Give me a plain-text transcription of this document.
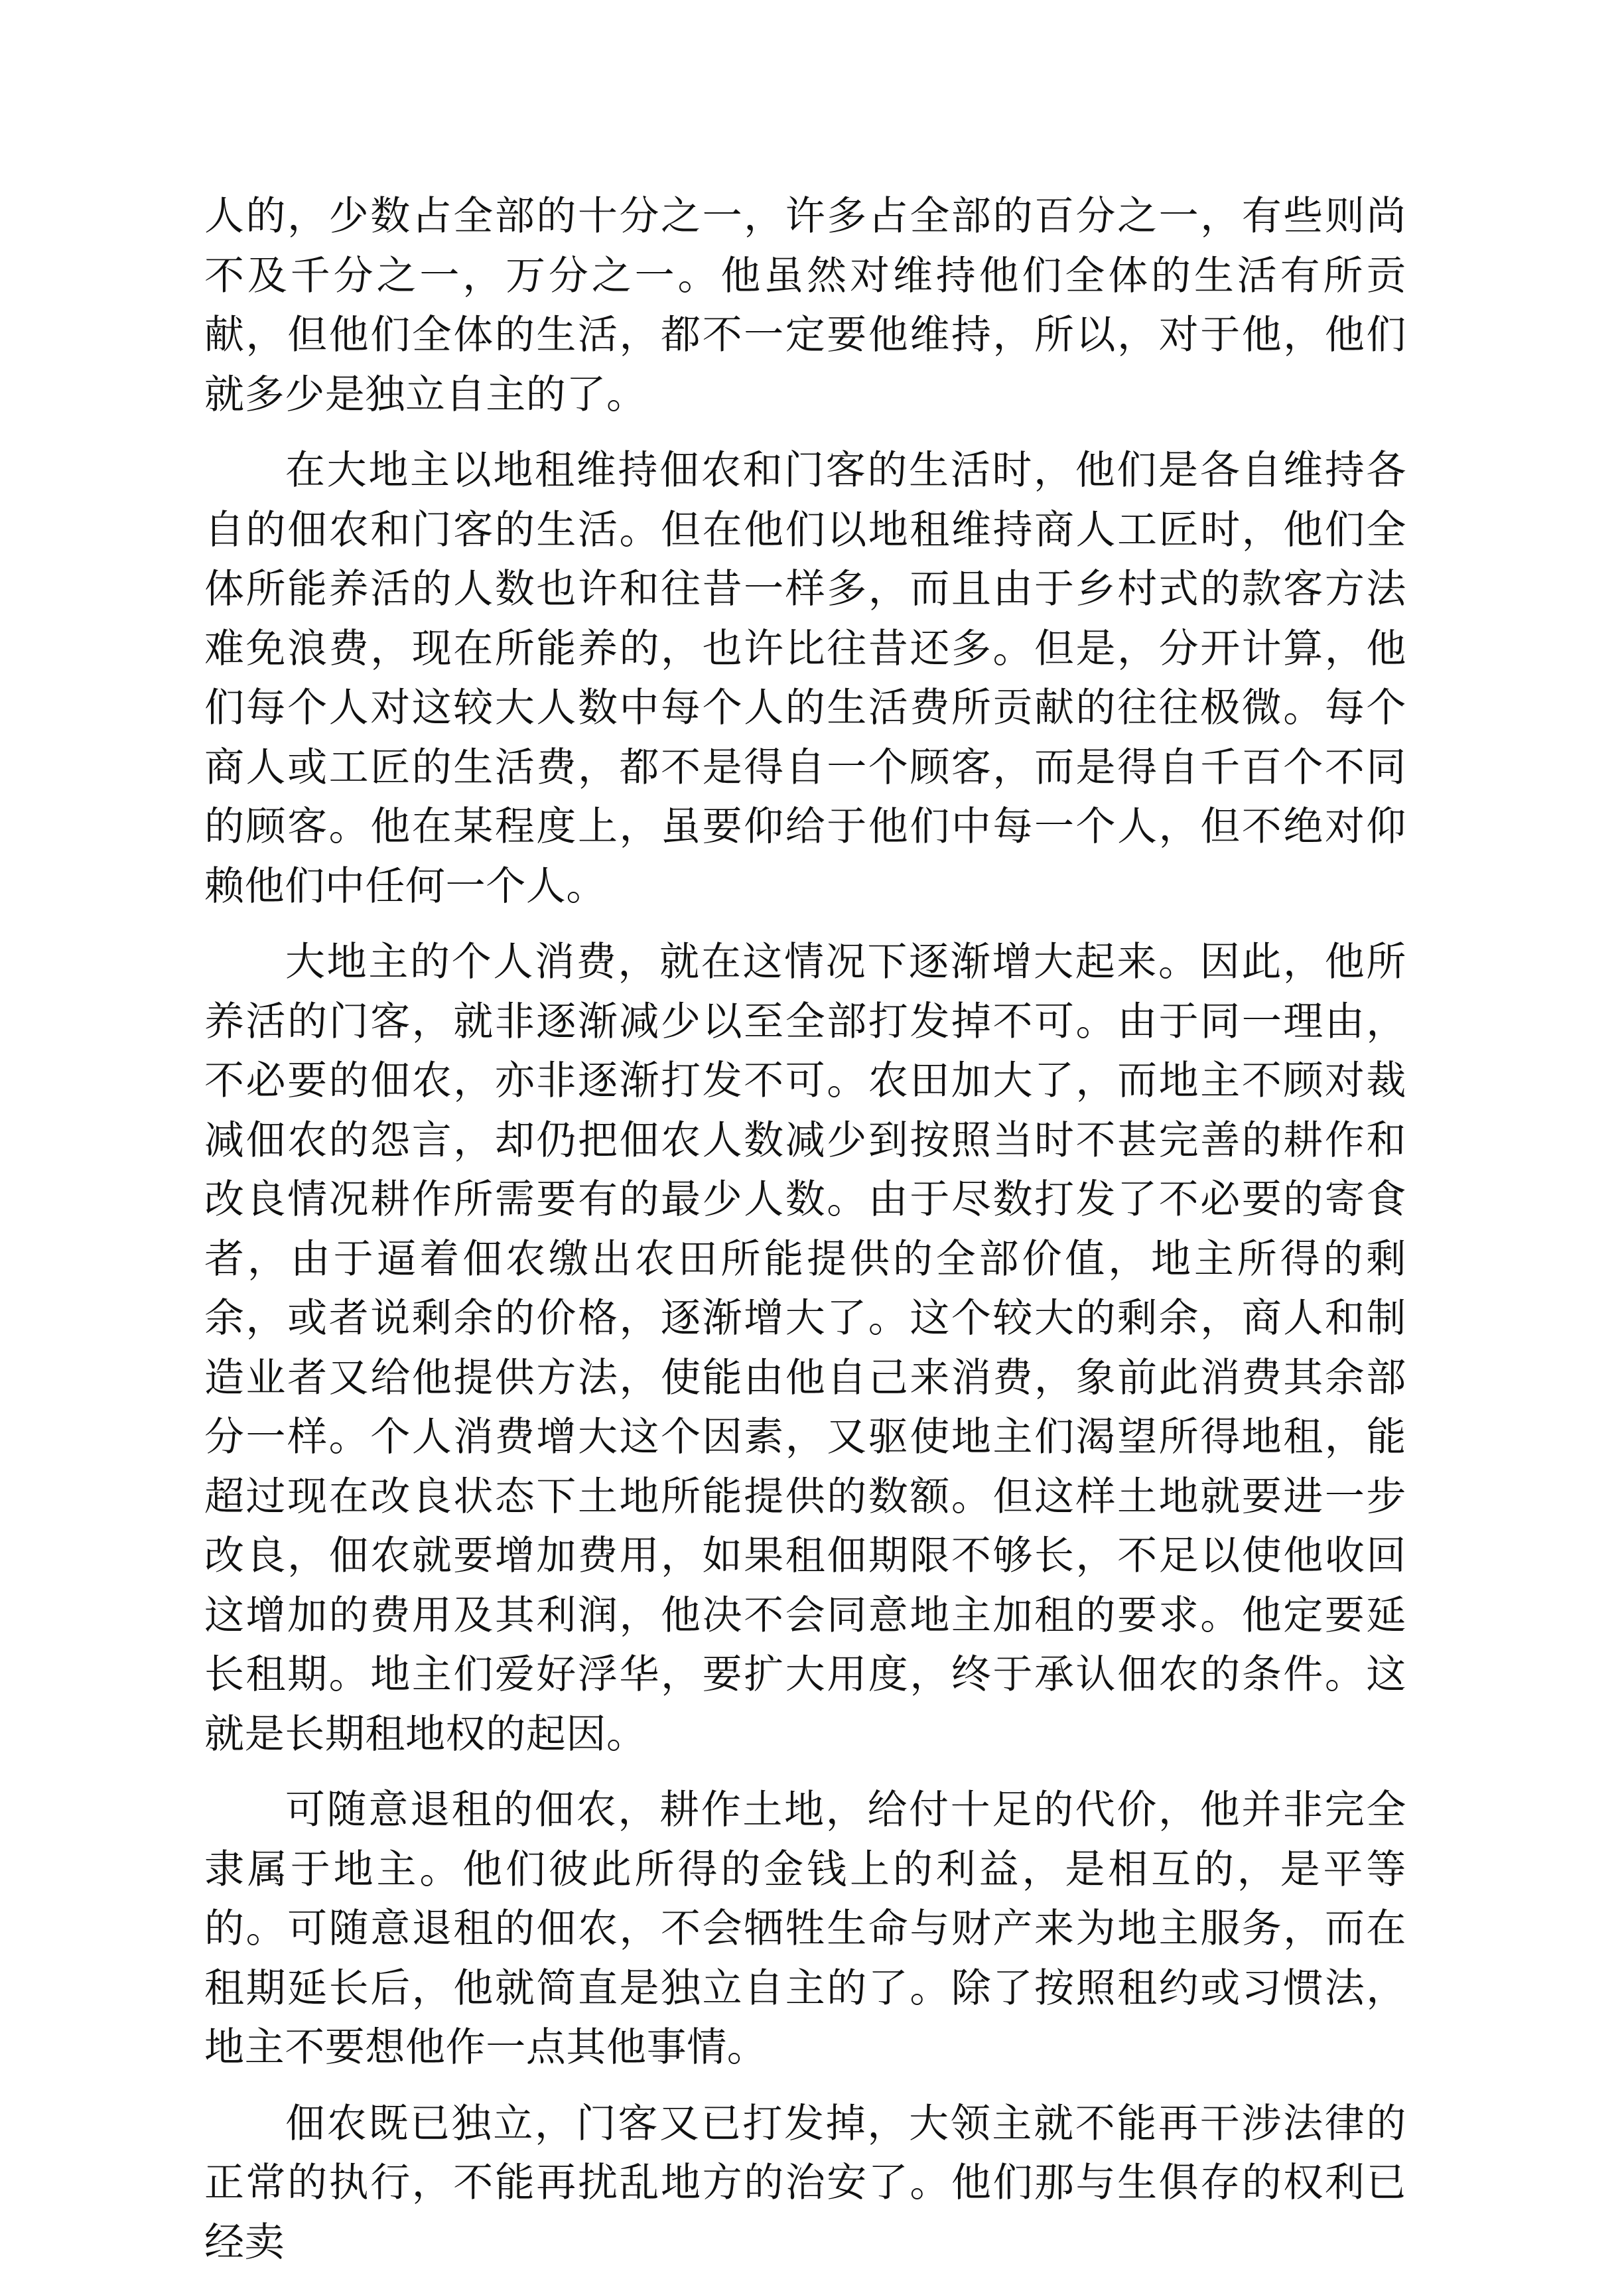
人的，少数占全部的十分之一，许多占全部的百分之一，有些则尚不及千分之一，万分之一。他虽然对维持他们全体的生活有所贡献，但他们全体的生活，都不一定要他维持，所以，对于他，他们就多少是独立自主的了。

在大地主以地租维持佃农和门客的生活时，他们是各自维持各自的佃农和门客的生活。但在他们以地租维持商人工匠时，他们全体所能养活的人数也许和往昔一样多，而且由于乡村式的款客方法难免浪费，现在所能养的，也许比往昔还多。但是，分开计算，他们每个人对这较大人数中每个人的生活费所贡献的往往极微。每个商人或工匠的生活费，都不是得自一个顾客，而是得自千百个不同的顾客。他在某程度上，虽要仰给于他们中每一个人，但不绝对仰赖他们中任何一个人。

大地主的个人消费，就在这情况下逐渐增大起来。因此，他所养活的门客，就非逐渐减少以至全部打发掉不可。由于同一理由，不必要的佃农，亦非逐渐打发不可。农田加大了，而地主不顾对裁减佃农的怨言，却仍把佃农人数减少到按照当时不甚完善的耕作和改良情况耕作所需要有的最少人数。由于尽数打发了不必要的寄食者，由于逼着佃农缴出农田所能提供的全部价值，地主所得的剩余，或者说剩余的价格，逐渐增大了。这个较大的剩余，商人和制造业者又给他提供方法，使能由他自己来消费，象前此消费其余部分一样。个人消费增大这个因素，又驱使地主们渴望所得地租，能超过现在改良状态下土地所能提供的数额。但这样土地就要进一步改良，佃农就要增加费用，如果租佃期限不够长，不足以使他收回这增加的费用及其利润，他决不会同意地主加租的要求。他定要延长租期。地主们爱好浮华，要扩大用度，终于承认佃农的条件。这就是长期租地权的起因。

可随意退租的佃农，耕作土地，给付十足的代价，他并非完全隶属于地主。他们彼此所得的金钱上的利益，是相互的，是平等的。可随意退租的佃农，不会牺牲生命与财产来为地主服务，而在租期延长后，他就简直是独立自主的了。除了按照租约或习惯法，地主不要想他作一点其他事情。

佃农既已独立，门客又已打发掉，大领主就不能再干涉法律的正常的执行，不能再扰乱地方的治安了。他们那与生俱存的权利已经卖
